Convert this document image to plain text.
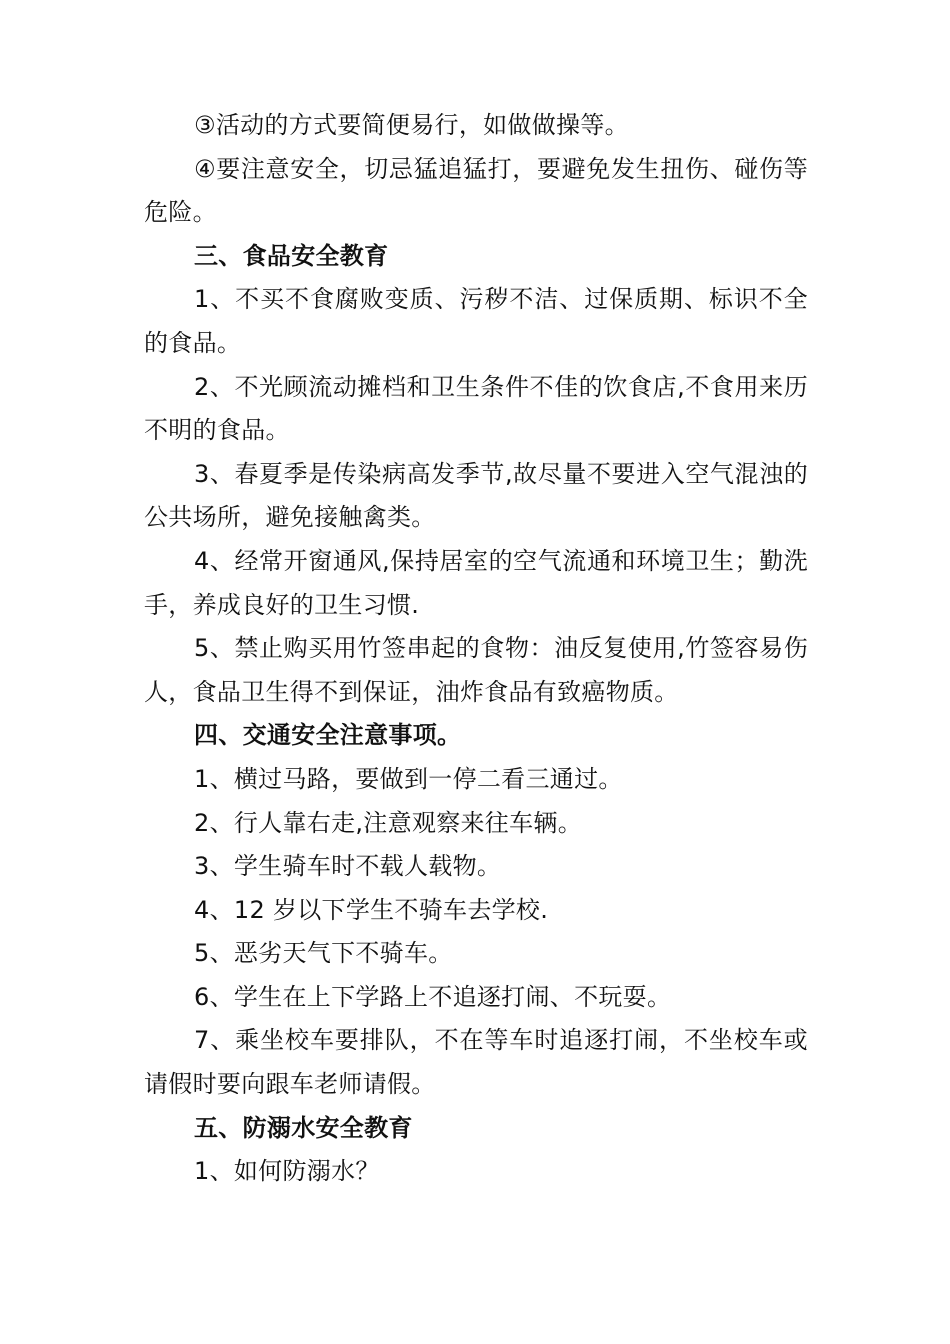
③活动的方式要简便易行，如做做操等。

④要注意安全，切忌猛追猛打，要避免发生扭伤、碰伤等危险。

三、食品安全教育

1、不买不食腐败变质、污秽不洁、过保质期、标识不全的食品。

2、不光顾流动摊档和卫生条件不佳的饮食店,不食用来历不明的食品。

3、春夏季是传染病高发季节,故尽量不要进入空气混浊的公共场所，避免接触禽类。

4、经常开窗通风,保持居室的空气流通和环境卫生；勤洗手，养成良好的卫生习惯.

5、禁止购买用竹签串起的食物：油反复使用,竹签容易伤人，食品卫生得不到保证，油炸食品有致癌物质。

四、交通安全注意事项。

1、横过马路，要做到一停二看三通过。

2、行人靠右走,注意观察来往车辆。

3、学生骑车时不载人载物。

4、12 岁以下学生不骑车去学校.

5、恶劣天气下不骑车。

6、学生在上下学路上不追逐打闹、不玩耍。

7、乘坐校车要排队，不在等车时追逐打闹，不坐校车或请假时要向跟车老师请假。

五、防溺水安全教育

1、如何防溺水？
